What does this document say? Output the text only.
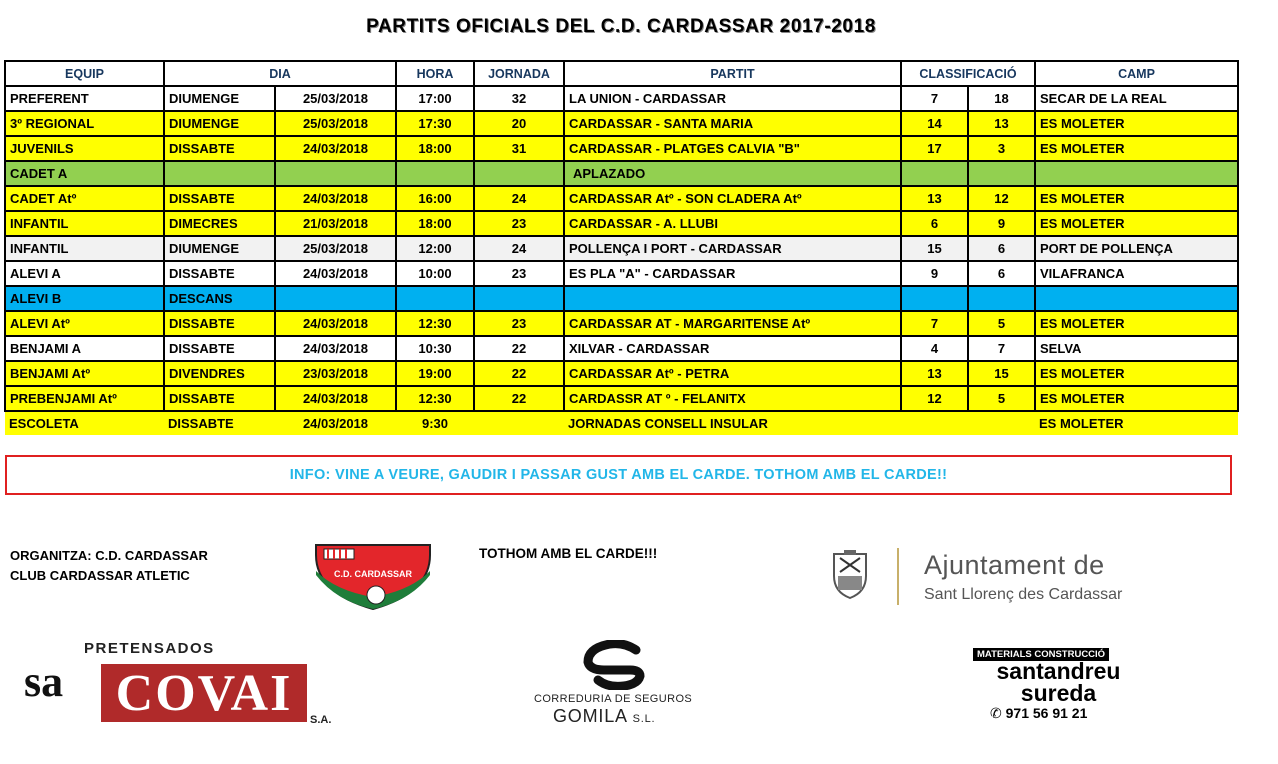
PARTITS OFICIALS DEL C.D. CARDASSAR 2017-2018
EQUIP	DIA		HORA	JORNADA	PARTIT	CLASSIFICACIÓ		CAMP
PREFERENT	DIUMENGE	25/03/2018	17:00	32	LA UNION - CARDASSAR	7	18	SECAR DE LA REAL
3º REGIONAL	DIUMENGE	25/03/2018	17:30	20	CARDASSAR - SANTA MARIA	14	13	ES MOLETER
JUVENILS	DISSABTE	24/03/2018	18:00	31	CARDASSAR - PLATGES CALVIA "B"	17	3	ES MOLETER
CADET A					APLAZADO			
CADET Atº	DISSABTE	24/03/2018	16:00	24	CARDASSAR Atº - SON CLADERA Atº	13	12	ES MOLETER
INFANTIL	DIMECRES	21/03/2018	18:00	23	CARDASSAR - A. LLUBI	6	9	ES MOLETER
INFANTIL	DIUMENGE	25/03/2018	12:00	24	POLLENÇA I PORT - CARDASSAR	15	6	PORT DE POLLENÇA
ALEVI A	DISSABTE	24/03/2018	10:00	23	ES PLA "A" - CARDASSAR	9	6	VILAFRANCA
ALEVI B	DESCANS							
ALEVI Atº	DISSABTE	24/03/2018	12:30	23	CARDASSAR AT - MARGARITENSE Atº	7	5	ES MOLETER
BENJAMI A	DISSABTE	24/03/2018	10:30	22	XILVAR - CARDASSAR	4	7	SELVA
BENJAMI Atº	DIVENDRES	23/03/2018	19:00	22	CARDASSAR Atº - PETRA	13	15	ES MOLETER
PREBENJAMI Atº	DISSABTE	24/03/2018	12:30	22	CARDASSR AT º - FELANITX	12	5	ES MOLETER
ESCOLETA	DISSABTE	24/03/2018	9:30		JORNADAS CONSELL INSULAR			ES MOLETER
INFO: VINE A VEURE, GAUDIR I PASSAR GUST AMB EL CARDE. TOTHOM AMB EL CARDE!!
ORGANITZA: C.D. CARDASSAR
CLUB CARDASSAR ATLETIC	C.D. CARDASSAR
TOTHOM AMB EL CARDE!!!	Ajuntament de
Sant Llorenç des Cardassar
PRETENSADOS
sa COVAI	S.A.
CORREDURIA DE SEGUROS
GOMILA S.L.
MATERIALS CONSTRUCCIÓ
santandreu
sureda
✆ 971 56 91 21
